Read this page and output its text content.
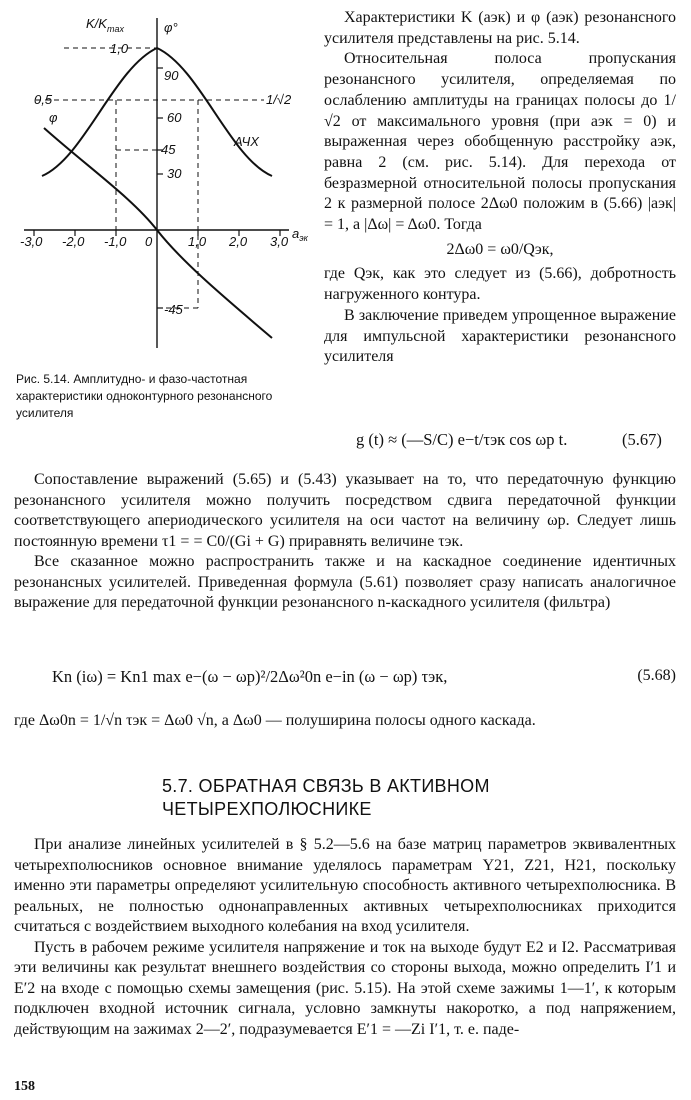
$K/K_{max}$	φ°
1,0
0,5
90
60
45
30
-45
1/√2
φ
АЧХ
-3,0 -2,0 -1,0 0	1,0 2,0 3,0
$a_{эк}$
Рис. 5.14. Амплитудно- и фазо-частотная характеристики одноконтурного резонансного усилителя

Характеристики K (aэк) и φ (aэк) резонансного усилителя представлены на рис. 5.14.

Относительная полоса пропускания резонансного усилителя, определяемая по ослаблению амплитуды на границах полосы до 1/√2 от максимального уровня (при aэк = 0) и выраженная через обобщенную расстройку aэк, равна 2 (см. рис. 5.14). Для перехода от безразмерной относительной полосы пропускания 2 к размерной полосе 2Δω0 положим в (5.66) |aэк| = 1, а |Δω| = Δω0. Тогда

2Δω0 = ω0/Qэк,

где Qэк, как это следует из (5.66), добротность нагруженного контура.

В заключение приведем упрощенное выражение для импульсной характеристики резонансного усилителя

g (t) ≈ (—S/C) e−t/τэк cos ωp t.	(5.67)

Сопоставление выражений (5.65) и (5.43) указывает на то, что передаточную функцию резонансного усилителя можно получить посредством сдвига передаточной функции соответствующего апериодического усилителя на оси частот на величину ωp. Следует лишь постоянную времени τ1 = = C0/(Gi + G) приравнять величине τэк.

Все сказанное можно распространить также и на каскадное соединение идентичных резонансных усилителей. Приведенная формула (5.61) позволяет сразу написать аналогичное выражение для передаточной функции резонансного n-каскадного усилителя (фильтра)

Kn (iω) = Kn1 max e−(ω − ωp)²/2Δω²0n e−in (ω − ωp) τэк,	(5.68)

где Δω0n = 1/√n τэк = Δω0 √n, а Δω0 — полуширина полосы одного каскада.

5.7. ОБРАТНАЯ СВЯЗЬ В АКТИВНОМ
ЧЕТЫРЕХПОЛЮСНИКЕ

При анализе линейных усилителей в § 5.2—5.6 на базе матриц параметров эквивалентных четырехполюсников основное внимание уделялось параметрам Y21, Z21, H21, поскольку именно эти параметры определяют усилительную способность активного четырехполюсника. В реальных, не полностью однонаправленных активных четырехполюсниках приходится считаться с воздействием выходного колебания на вход усилителя.

Пусть в рабочем режиме усилителя напряжение и ток на выходе будут E2 и I2. Рассматривая эти величины как результат внешнего воздействия со стороны выхода, можно определить I′1 и E′2 на входе с помощью схемы замещения (рис. 5.15). На этой схеме зажимы 1—1′, к которым подключен входной источник сигнала, условно замкнуты накоротко, а под напряжением, действующим на зажимах 2—2′, подразумевается E′1 = —Zi I′1, т. е. паде-

158
